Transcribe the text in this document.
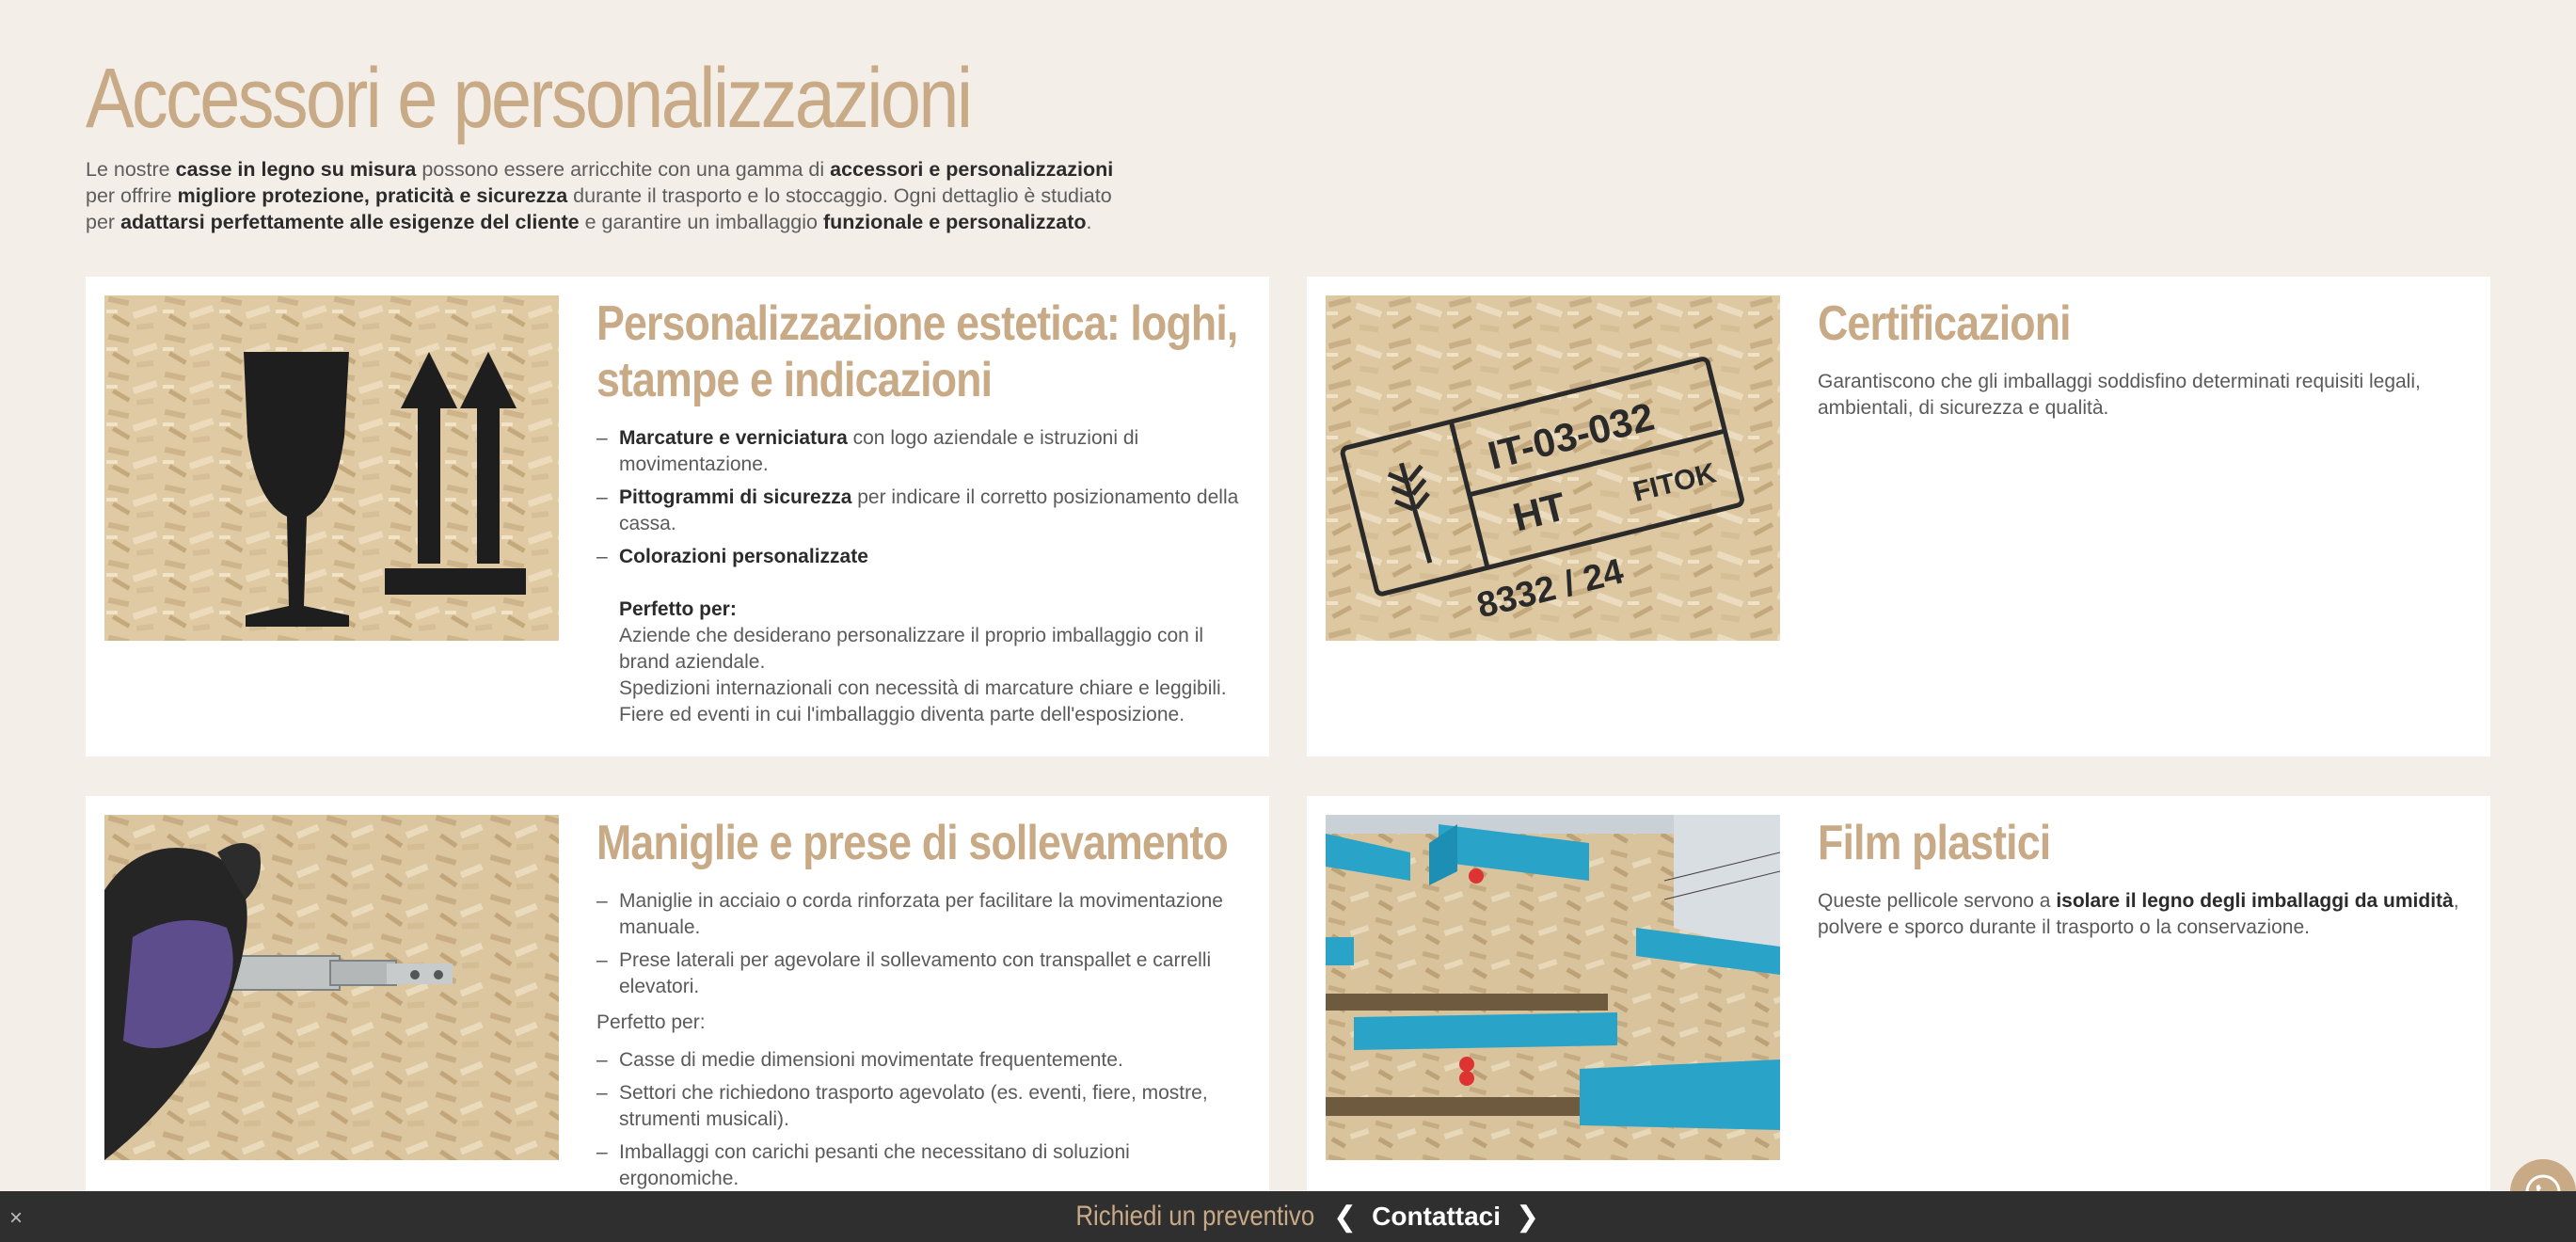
Accessori e personalizzazioni

Le nostre casse in legno su misura possono essere arricchite con una gamma di accessori e personalizzazioni
per offrire migliore protezione, praticità e sicurezza durante il trasporto e lo stoccaggio. Ogni dettaglio è studiato per adattarsi perfettamente alle esigenze del cliente e garantire un imballaggio funzionale e personalizzato.

Personalizzazione estetica: loghi, stampe e indicazioni
– Marcature e verniciatura con logo aziendale e istruzioni di movimentazione.
– Pittogrammi di sicurezza per indicare il corretto posizionamento della cassa.
– Colorazioni personalizzate

Perfetto per:

Aziende che desiderano personalizzare il proprio imballaggio con il brand aziendale.

Spedizioni internazionali con necessità di marcature chiare e leggibili.

Fiere ed eventi in cui l'imballaggio diventa parte dell'esposizione.

IT-03-032
HT
FITOK
8332 / 24
Certificazioni

Garantiscono che gli imballaggi soddisfino determinati requisiti legali, ambientali, di sicurezza e qualità.

Maniglie e prese di sollevamento
– Maniglie in acciaio o corda rinforzata per facilitare la movimentazione manuale.
– Prese laterali per agevolare il sollevamento con transpallet e carrelli elevatori.

Perfetto per:

– Casse di medie dimensioni movimentate frequentemente.
– Settori che richiedono trasporto agevolato (es. eventi, fiere, mostre, strumenti musicali).
– Imballaggi con carichi pesanti che necessitano di soluzioni ergonomiche.
Film plastici

Queste pellicole servono a isolare il legno degli imballaggi da umidità, polvere e sporco durante il trasporto o la conservazione.

×	Richiedi un preventivo ❮ Contattaci ❯
